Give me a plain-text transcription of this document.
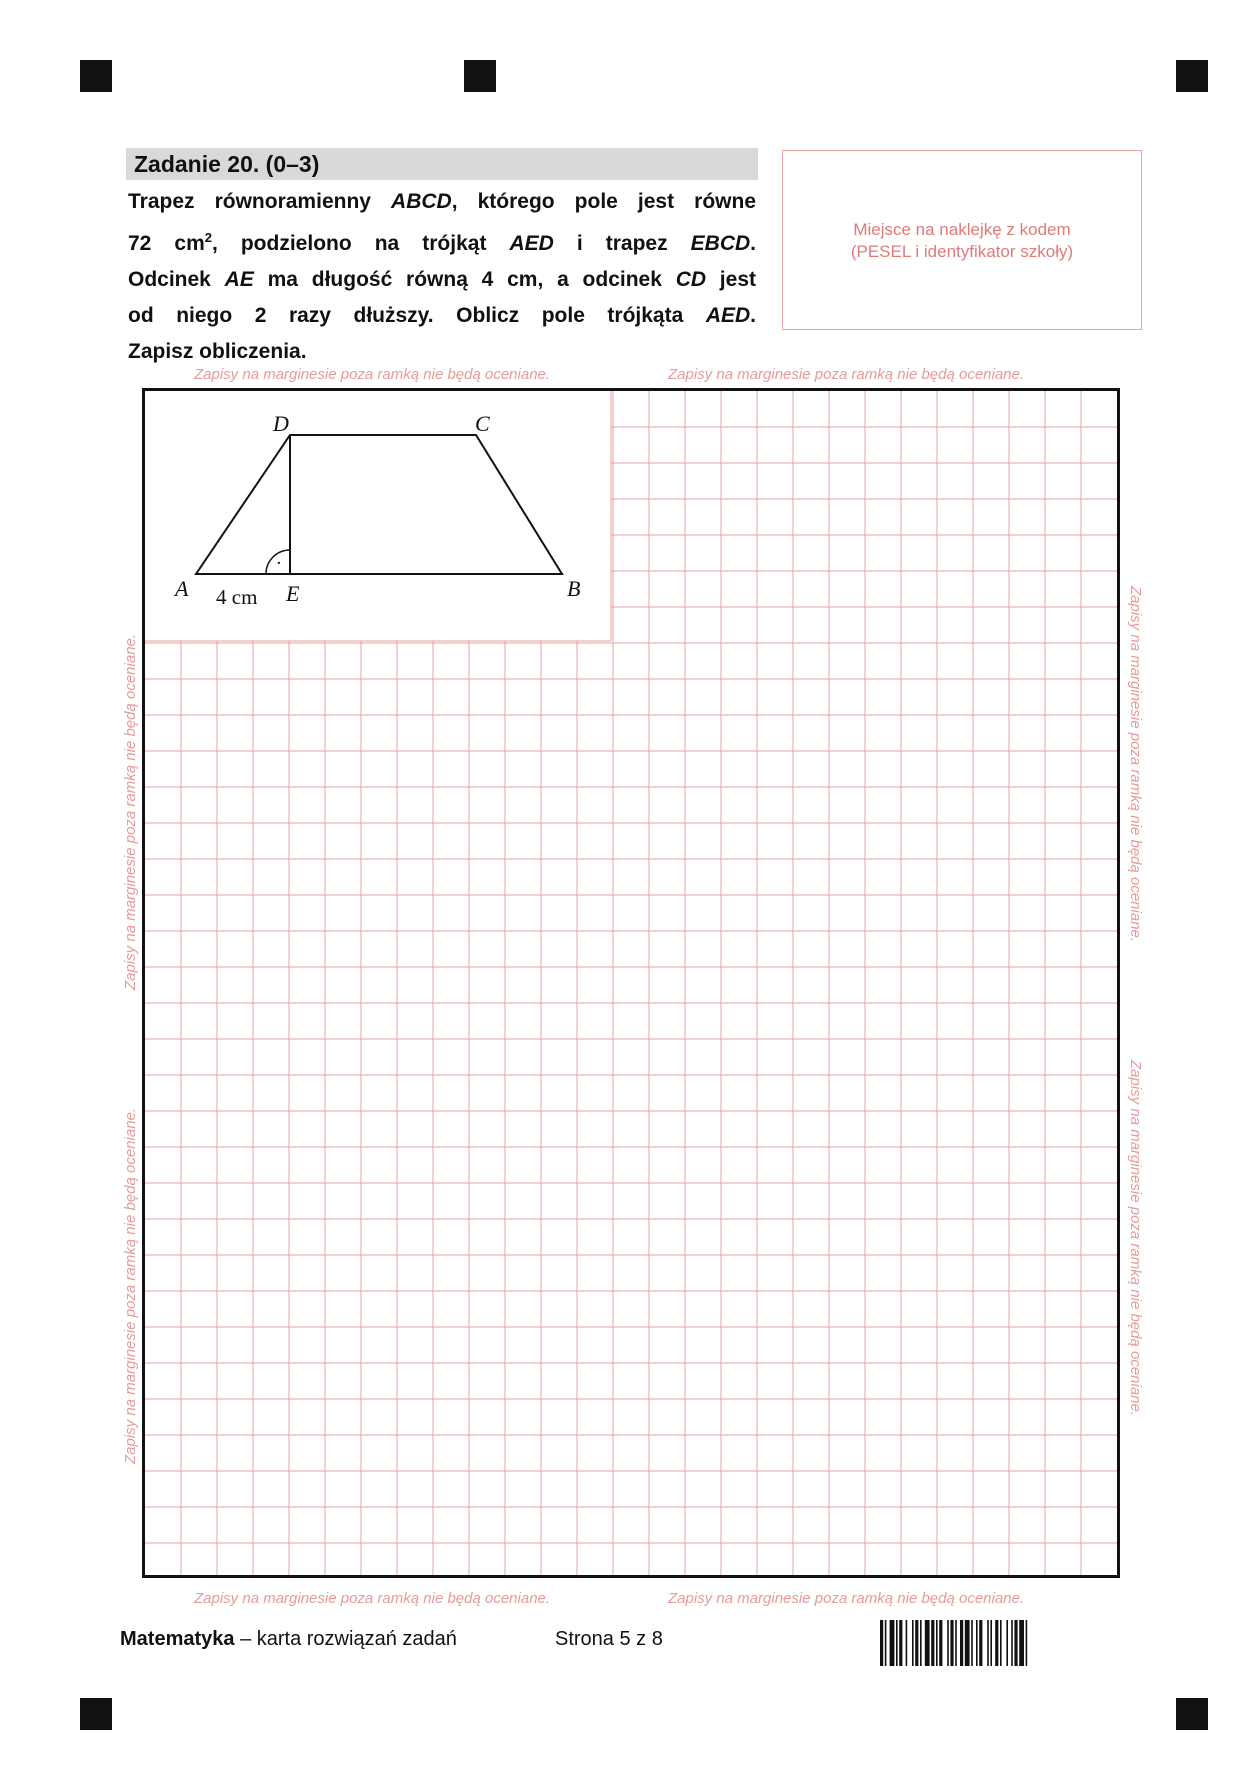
Zadanie 20. (0–3)
Trapez równoramienny ABCD, którego pole jest równe
72 $cm^2$, podzielono na trójkąt AED i trapez EBCD.
Odcinek AE ma długość równą 4 cm, a odcinek CD jest
od niego 2 razy dłuższy. Oblicz pole trójkąta AED.
Zapisz obliczenia.
Miejsce na naklejkę z kodem
(PESEL i identyfikator szkoły)
Zapisy na marginesie poza ramką nie będą oceniane.	Zapisy na marginesie poza ramką nie będą oceniane.
Zapisy na marginesie poza ramką nie będą oceniane.	Zapisy na marginesie poza ramką nie będą oceniane.
Zapisy na marginesie poza ramką nie będą oceniane.
Zapisy na marginesie poza ramką nie będą oceniane.
Zapisy na marginesie poza ramką nie będą oceniane.
Zapisy na marginesie poza ramką nie będą oceniane.
·
D	C
A	E	B
4 cm
Matematyka – karta rozwiązań zadań	Strona 5 z 8
